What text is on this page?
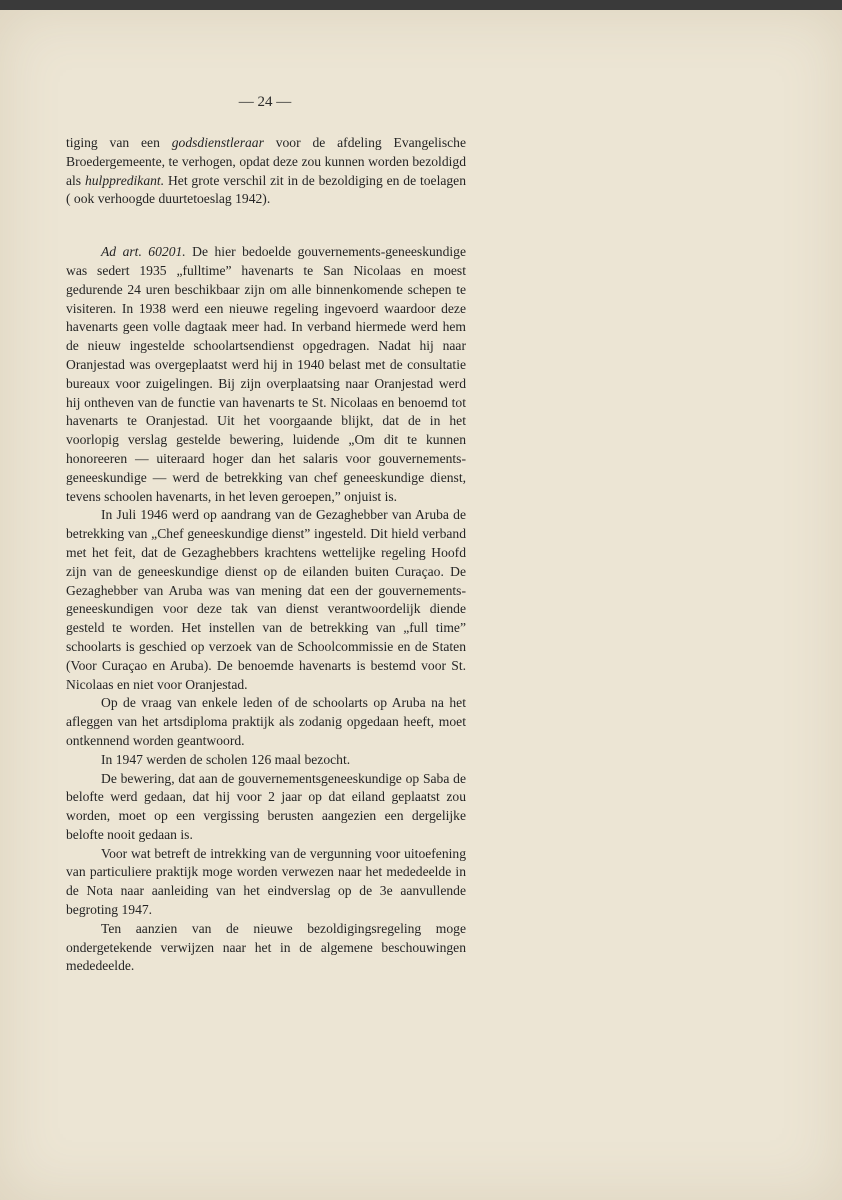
— 24 —

tiging van een godsdienstleraar voor de afdeling Evangelische Broedergemeente, te verhogen, opdat deze zou kunnen worden bezoldigd als hulppredikant. Het grote verschil zit in de bezoldiging en de toelagen ( ook verhoogde duurtetoeslag 1942).

Ad art. 60201. De hier bedoelde gouvernements-geneeskundige was sedert 1935 „fulltime” havenarts te San Nicolaas en moest gedurende 24 uren beschikbaar zijn om alle binnenkomende schepen te visiteren. In 1938 werd een nieuwe regeling ingevoerd waardoor deze havenarts geen volle dagtaak meer had. In verband hiermede werd hem de nieuw ingestelde schoolartsendienst opgedragen. Nadat hij naar Oranjestad was overgeplaatst werd hij in 1940 belast met de consultatie bureaux voor zuigelingen. Bij zijn overplaatsing naar Oranjestad werd hij ontheven van de functie van havenarts te St. Nicolaas en benoemd tot havenarts te Oranjestad. Uit het voorgaande blijkt, dat de in het voorlopig verslag gestelde bewering, luidende „Om dit te kunnen honoreeren — uiteraard hoger dan het salaris voor gouvernements-geneeskundige — werd de betrekking van chef geneeskundige dienst, tevens schoolen havenarts, in het leven geroepen,” onjuist is.

In Juli 1946 werd op aandrang van de Gezaghebber van Aruba de betrekking van „Chef geneeskundige dienst” ingesteld. Dit hield verband met het feit, dat de Gezaghebbers krachtens wettelijke regeling Hoofd zijn van de geneeskundige dienst op de eilanden buiten Curaçao. De Gezaghebber van Aruba was van mening dat een der gouvernements-geneeskundigen voor deze tak van dienst verantwoordelijk diende gesteld te worden. Het instellen van de betrekking van „full time” schoolarts is geschied op verzoek van de Schoolcommissie en de Staten (Voor Curaçao en Aruba). De benoemde havenarts is bestemd voor St. Nicolaas en niet voor Oranjestad.

Op de vraag van enkele leden of de schoolarts op Aruba na het afleggen van het artsdiploma praktijk als zodanig opgedaan heeft, moet ontkennend worden geantwoord.

In 1947 werden de scholen 126 maal bezocht.

De bewering, dat aan de gouvernementsgeneeskundige op Saba de belofte werd gedaan, dat hij voor 2 jaar op dat eiland geplaatst zou worden, moet op een vergissing berusten aangezien een dergelijke belofte nooit gedaan is.

Voor wat betreft de intrekking van de vergunning voor uitoefening van particuliere praktijk moge worden verwezen naar het mededeelde in de Nota naar aanleiding van het eindverslag op de 3e aanvullende begroting 1947.

Ten aanzien van de nieuwe bezoldigingsregeling moge ondergetekende verwijzen naar het in de algemene beschouwingen mededeelde.
